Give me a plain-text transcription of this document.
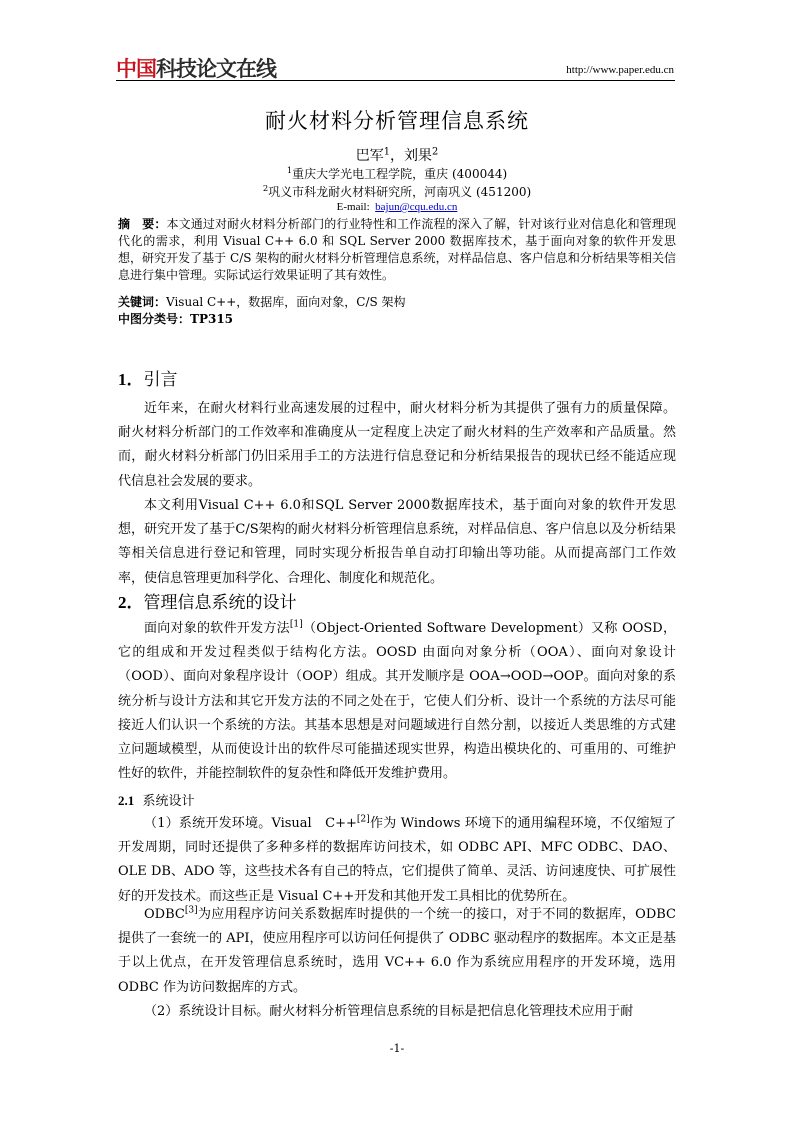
中国 科技论文在线	http://www.paper.edu.cn
耐火材料分析管理信息系统
巴军$^1$，刘果$^2$
$^1$重庆大学光电工程学院，重庆 (400044)
$^2$巩义市科龙耐火材料研究所，河南巩义 (451200)
E-mail: bajun@cqu.edu.cn
摘　要：本文通过对耐火材料分析部门的行业特性和工作流程的深入了解，针对该行业对信息化和管理现代化的需求，利用 Visual C++ 6.0 和 SQL Server 2000 数据库技术，基于面向对象的软件开发思想，研究开发了基于 C/S 架构的耐火材料分析管理信息系统，对样品信息、客户信息和分析结果等相关信息进行集中管理。实际试运行效果证明了其有效性。
关键词：Visual C++，数据库，面向对象，C/S 架构
中图分类号：TP315
1．引言
近年来，在耐火材料行业高速发展的过程中，耐火材料分析为其提供了强有力的质量保障。耐火材料分析部门的工作效率和准确度从一定程度上决定了耐火材料的生产效率和产品质量。然而，耐火材料分析部门仍旧采用手工的方法进行信息登记和分析结果报告的现状已经不能适应现代信息社会发展的要求。
本文利用Visual C++ 6.0和SQL Server 2000数据库技术，基于面向对象的软件开发思想，研究开发了基于C/S架构的耐火材料分析管理信息系统，对样品信息、客户信息以及分析结果等相关信息进行登记和管理，同时实现分析报告单自动打印输出等功能。从而提高部门工作效率，使信息管理更加科学化、合理化、制度化和规范化。
2．管理信息系统的设计
面向对象的软件开发方法[1]（Object-Oriented Software Development）又称 OOSD，它的组成和开发过程类似于结构化方法。OOSD 由面向对象分析（OOA）、面向对象设计（OOD）、面向对象程序设计（OOP）组成。其开发顺序是 OOA→OOD→OOP。面向对象的系统分析与设计方法和其它开发方法的不同之处在于，它使人们分析、设计一个系统的方法尽可能接近人们认识一个系统的方法。其基本思想是对问题域进行自然分割，以接近人类思维的方式建立问题域模型，从而使设计出的软件尽可能描述现实世界，构造出模块化的、可重用的、可维护性好的软件，并能控制软件的复杂性和降低开发维护费用。
2.1 系统设计
（1）系统开发环境。Visual　C++[2]作为 Windows 环境下的通用编程环境，不仅缩短了开发周期，同时还提供了多种多样的数据库访问技术，如 ODBC API、MFC ODBC、DAO、OLE DB、ADO 等，这些技术各有自己的特点，它们提供了简单、灵活、访问速度快、可扩展性好的开发技术。而这些正是 Visual C++开发和其他开发工具相比的优势所在。
ODBC[3]为应用程序访问关系数据库时提供的一个统一的接口，对于不同的数据库，ODBC 提供了一套统一的 API，使应用程序可以访问任何提供了 ODBC 驱动程序的数据库。本文正是基于以上优点，在开发管理信息系统时，选用 VC++ 6.0 作为系统应用程序的开发环境，选用 ODBC 作为访问数据库的方式。
（2）系统设计目标。耐火材料分析管理信息系统的目标是把信息化管理技术应用于耐
-1-
